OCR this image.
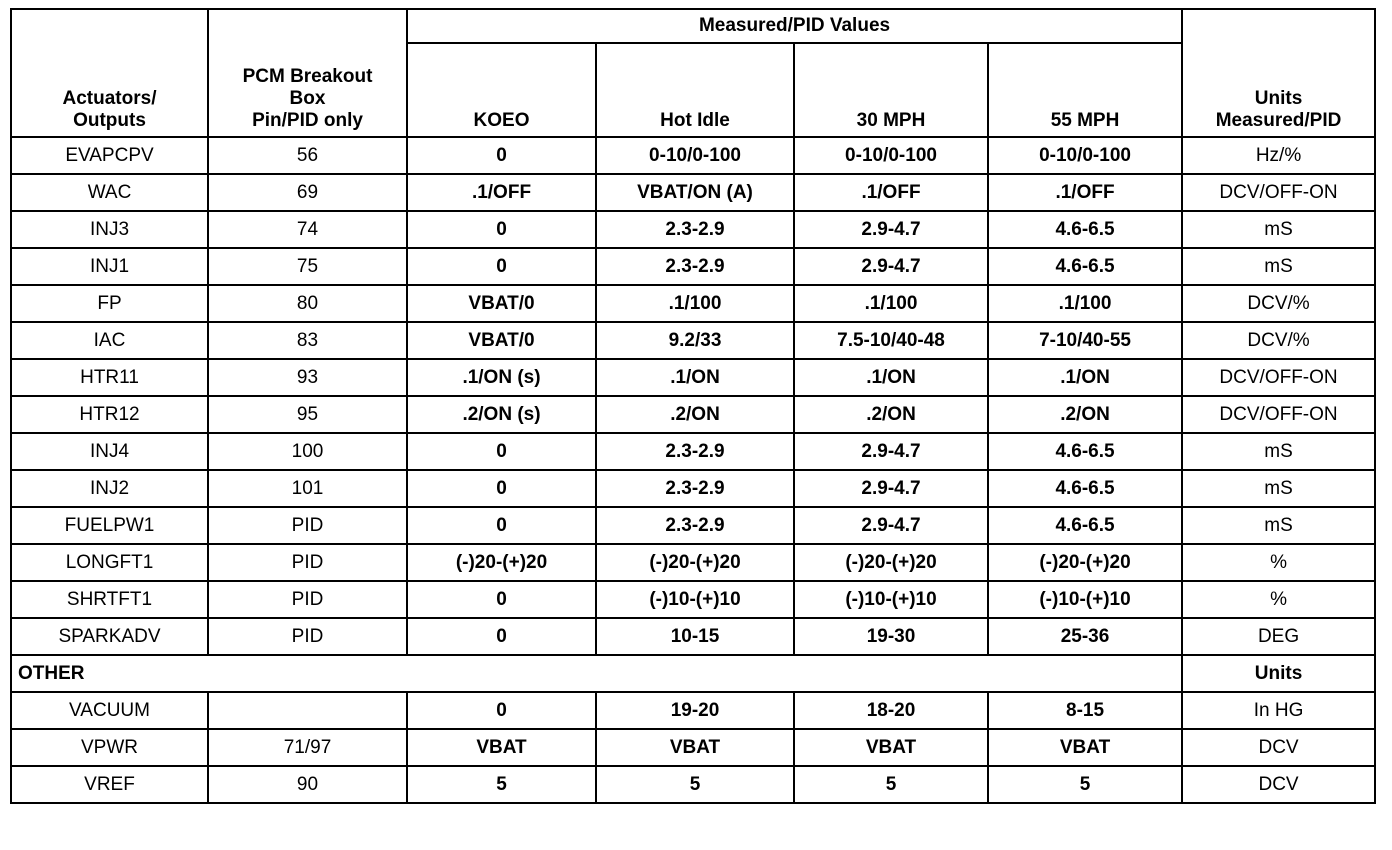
Actuators/
Outputs	PCM Breakout
Box
Pin/PID only	Measured/PID Values				Units
Measured/PID
		KOEO	Hot Idle	30 MPH	55 MPH	
EVAPCPV	56	0	0-10/0-100	0-10/0-100	0-10/0-100	Hz/%
WAC	69	.1/OFF	VBAT/ON (A)	.1/OFF	.1/OFF	DCV/OFF-ON
INJ3	74	0	2.3-2.9	2.9-4.7	4.6-6.5	mS
INJ1	75	0	2.3-2.9	2.9-4.7	4.6-6.5	mS
FP	80	VBAT/0	.1/100	.1/100	.1/100	DCV/%
IAC	83	VBAT/0	9.2/33	7.5-10/40-48	7-10/40-55	DCV/%
HTR11	93	.1/ON (s)	.1/ON	.1/ON	.1/ON	DCV/OFF-ON
HTR12	95	.2/ON (s)	.2/ON	.2/ON	.2/ON	DCV/OFF-ON
INJ4	100	0	2.3-2.9	2.9-4.7	4.6-6.5	mS
INJ2	101	0	2.3-2.9	2.9-4.7	4.6-6.5	mS
FUELPW1	PID	0	2.3-2.9	2.9-4.7	4.6-6.5	mS
LONGFT1	PID	(-)20-(+)20	(-)20-(+)20	(-)20-(+)20	(-)20-(+)20	%
SHRTFT1	PID	0	(-)10-(+)10	(-)10-(+)10	(-)10-(+)10	%
SPARKADV	PID	0	10-15	19-30	25-36	DEG
OTHER						Units
VACUUM		0	19-20	18-20	8-15	In HG
VPWR	71/97	VBAT	VBAT	VBAT	VBAT	DCV
VREF	90	5	5	5	5	DCV
